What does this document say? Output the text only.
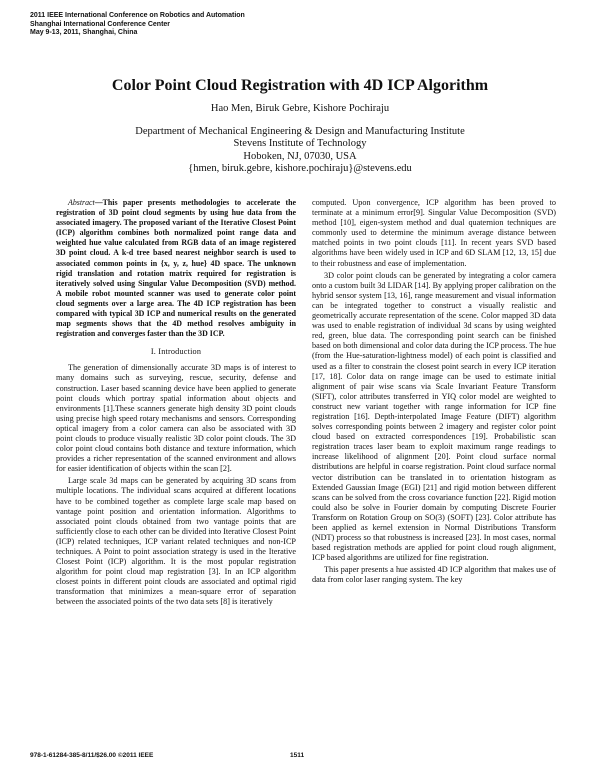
2011 IEEE International Conference on Robotics and Automation
Shanghai International Conference Center
May 9-13, 2011, Shanghai, China
Color Point Cloud Registration with 4D ICP Algorithm
Hao Men, Biruk Gebre, Kishore Pochiraju
Department of Mechanical Engineering & Design and Manufacturing Institute
Stevens Institute of Technology
Hoboken, NJ, 07030, USA
{hmen, biruk.gebre, kishore.pochiraju}@stevens.edu

Abstract—This paper presents methodologies to accelerate the registration of 3D point cloud segments by using hue data from the associated imagery. The proposed variant of the Iterative Closest Point (ICP) algorithm combines both normalized point range data and weighted hue value calculated from RGB data of an image registered 3D point cloud. A k-d tree based nearest neighbor search is used to associated common points in {x, y, z, hue} 4D space. The unknown rigid translation and rotation matrix required for registration is iteratively solved using Singular Value Decomposition (SVD) method. A mobile robot mounted scanner was used to generate color point cloud segments over a large area. The 4D ICP registration has been compared with typical 3D ICP and numerical results on the generated map segments shows that the 4D method resolves ambiguity in registration and converges faster than the 3D ICP.

I. Introduction

The generation of dimensionally accurate 3D maps is of interest to many domains such as surveying, rescue, security, defense and construction. Laser based scanning device have been applied to generate point clouds which portray spatial information about objects and environments [1].These scanners generate high density 3D point clouds using precise high speed rotary mechanisms and sensors. Corresponding optical imagery from a color camera can also be associated with 3D point clouds to produce visually realistic 3D color point clouds. The 3D color point cloud contains both distance and texture information, which provides a richer representation of the scanned environment and allows for easier identification of objects within the scan [2].

Large scale 3d maps can be generated by acquiring 3D scans from multiple locations. The individual scans acquired at different locations have to be combined together as complete large scale map based on vantage point position and orientation information. Algorithms to associated point clouds obtained from two vantage points that are sufficiently close to each other can be divided into Iterative Closest Point (ICP) related techniques, ICP variant related techniques and non-ICP techniques. A Point to point association strategy is used in the Iterative Closest Point (ICP) algorithm. It is the most popular registration algorithm for point cloud map registration [3]. In an ICP algorithm closest points in different point clouds are associated and optimal rigid transformation that minimizes a mean-square error of separation between the associated points of the two data sets [8] is iteratively

computed. Upon convergence, ICP algorithm has been proved to terminate at a minimum error[9]. Singular Value Decomposition (SVD) method [10], eigen-system method and dual quaternion techniques are commonly used to determine the minimum average distance between matched points in two point clouds [11]. In recent years SVD based algorithms have been widely used in ICP and 6D SLAM [12, 13, 15] due to their robustness and ease of implementation.

3D color point clouds can be generated by integrating a color camera onto a custom built 3d LIDAR [14]. By applying proper calibration on the hybrid sensor system [13, 16], range measurement and visual information can be integrated together to construct a visually realistic and geometrically accurate representation of the scene. Color mapped 3D data was used to enable registration of individual 3d scans by using weighted red, green, blue data. The corresponding point search can be finished based on both dimensional and color data during the ICP process. The hue (from the Hue-saturation-lightness model) of each point is classified and used as a filter to constrain the closest point search in every ICP iteration [17, 18]. Color data on range image can be used to estimate initial alignment of pair wise scans via Scale Invariant Feature Transform (SIFT), color attributes transferred in YIQ color model are weighted to construct new variant together with range information for ICP fine registration [16]. Depth-interpolated Image Feature (DIFT) algorithm solves corresponding points between 2 imagery and register color point cloud based on extracted correspondences [19]. Probabilistic scan registration traces laser beam to exploit maximum range readings to increase likelihood of alignment [20]. Point cloud surface normal distributions are helpful in coarse registration. Point cloud surface normal vector distribution can be translated in to orientation histogram as Extended Gaussian Image (EGI) [21] and rigid motion between different scans can be solved from the cross covariance function [22]. Rigid motion could also be solve in Fourier domain by computing Discrete Fourier Transform on Rotation Group on SO(3) (SOFT) [23]. Color attribute has been applied as kernel extension in Normal Distributions Transform (NDT) process so that robustness is increased [23]. In most cases, normal based registration methods are applied for point cloud rough alignment, ICP based algorithms are utilized for fine registration.

This paper presents a hue assisted 4D ICP algorithm that makes use of data from color laser ranging system. The key

978-1-61284-385-8/11/$26.00 ©2011 IEEE	1511
